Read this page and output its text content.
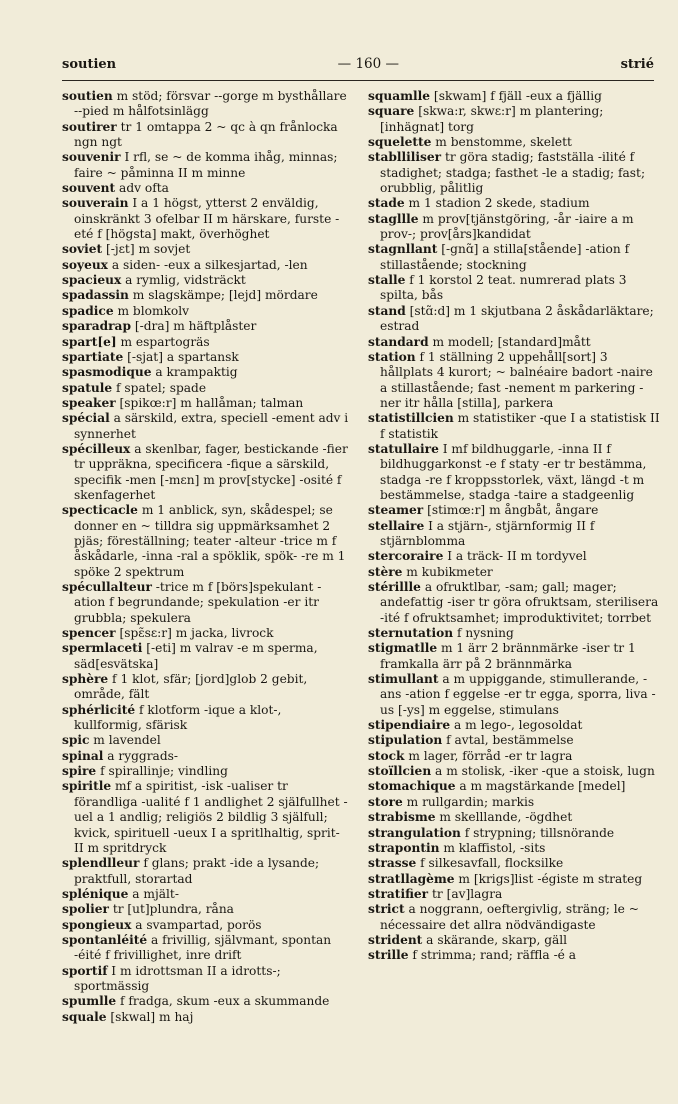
soutien	— 160 —	strié

soutien m stöd; försvar --gorge m bysthållare --pied m hålfotsinlägg

soutirer tr 1 omtappa 2 ~ qc à qn frånlocka ngn ngt

souvenir I rfl, se ~ de komma ihåg, minnas; faire ~ påminna II m minne

souvent adv ofta

souverain I a 1 högst, ytterst 2 enväldig, oinskränkt 3 ofelbar II m härskare, furste -eté f [högsta] makt, överhöghet

soviet [-jɛt] m sovjet

soyeux a siden- -eux a silkesjartad, -len

spacieux a rymlig, vidsträckt

spadassin m slagskämpe; [lejd] mördare

spadice m blomkolv

sparadrap [-dra] m häftplåster

spart[e] m espartogräs

spartiate [-sjat] a spartansk

spasmodique a krampaktig

spatule f spatel; spade

speaker [spikœ:r] m hallåman; talman

spécial a särskild, extra, speciell -ement adv i synnerhet

spécilleux a skenlbar, fager, bestickande -fier tr uppräkna, specificera -fique a särskild, specifik -men [-mɛn] m prov[stycke] -osité f skenfagerhet

specticacle m 1 anblick, syn, skådespel; se donner en ~ tilldra sig uppmärksamhet 2 pjäs; föreställning; teater -alteur -trice m f åskådarle, -inna -ral a spöklik, spök- -re m 1 spöke 2 spektrum

spécullalteur -trice m f [börs]spekulant -ation f begrundande; spekulation -er itr grubbla; spekulera

spencer [spɛ̃sɛ:r] m jacka, livrock

spermlaceti [-eti] m valrav -e m sperma, säd[esvätska]

sphère f 1 klot, sfär; [jord]glob 2 gebit, område, fält

sphérlicité f klotform -ique a klot-, kullformig, sfärisk

spic m lavendel

spinal a ryggrads-

spire f spirallinje; vindling

spiritle mf a spiritist, -isk -ualiser tr förandliga -ualité f 1 andlighet 2 själfullhet -uel a 1 andlig; religiös 2 bildlig 3 själfull; kvick, spirituell -ueux I a spritlhaltig, sprit- II m spritdryck

splendlleur f glans; prakt -ide a lysande; praktfull, storartad

splénique a mjält-

spolier tr [ut]plundra, råna

spongieux a svampartad, porös

spontanléité a frivillig, självmant, spontan -éité f frivillighet, inre drift

sportif I m idrottsman II a idrotts-; sportmässig

spumlle f fradga, skum -eux a skummande

squale [skwal] m haj

squamlle [skwam] f fjäll -eux a fjällig

square [skwa:r, skwɛ:r] m plantering; [inhägnat] torg

squelette m benstomme, skelett

stablliliser tr göra stadig; fastställa -ilité f stadighet; stadga; fasthet -le a stadig; fast; orubblig, pålitlig

stade m 1 stadion 2 skede, stadium

stagllle m prov[tjänstgöring, -år -iaire a m prov-; prov[års]kandidat

stagnllant [-gnɑ̃] a stilla[stående] -ation f stillastående; stockning

stalle f 1 korstol 2 teat. numrerad plats 3 spilta, bås

stand [stɑ̃:d] m 1 skjutbana 2 åskådarläktare; estrad

standard m modell; [standard]mått

station f 1 ställning 2 uppehåll[sort] 3 hållplats 4 kurort; ~ balnéaire badort -naire a stillastående; fast -nement m parkering -ner itr hålla [stilla], parkera

statistillcien m statistiker -que I a statistisk II f statistik

statullaire I mf bildhuggarle, -inna II f bildhuggarkonst -e f staty -er tr bestämma, stadga -re f kroppsstorlek, växt, längd -t m bestämmelse, stadga -taire a stadgeenlig

steamer [stimœ:r] m ångbåt, ångare

stellaire I a stjärn-, stjärnformig II f stjärnblomma

stercoraire I a träck- II m tordyvel

stère m kubikmeter

stérillle a ofruktlbar, -sam; gall; mager; andefattig -iser tr göra ofruktsam, sterilisera -ité f ofruktsamhet; improduktivitet; torrbet

sternutation f nysning

stigmatlle m 1 ärr 2 brännmärke -iser tr 1 framkalla ärr på 2 brännmärka

stimullant a m uppiggande, stimullerande, -ans -ation f eggelse -er tr egga, sporra, liva -us [-ys] m eggelse, stimulans

stipendiaire a m lego-, legosoldat

stipulation f avtal, bestämmelse

stock m lager, förråd -er tr lagra

stoïllcien a m stolisk, -iker -que a stoisk, lugn

stomachique a m magstärkande [medel]

store m rullgardin; markis

strabisme m skelllande, -ögdhet

strangulation f strypning; tillsnörande

strapontin m klaffistol, -sits

strasse f silkesavfall, flocksilke

stratllagème m [krigs]list -égiste m strateg

stratifier tr [av]lagra

strict a noggrann, oeftergivlig, sträng; le ~ nécessaire det allra nödvändigaste

strident a skärande, skarp, gäll

strille f strimma; rand; räffla -é a
